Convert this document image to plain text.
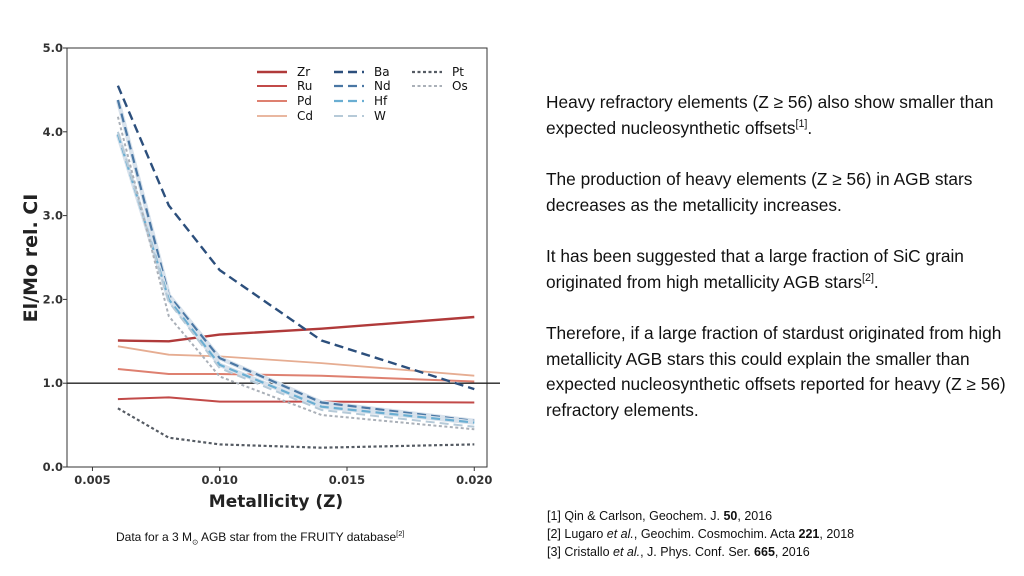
0.005	0.010	0.015	0.020
0.0
1.0
2.0
3.0
4.0
5.0
Zr
Ru
Pd
Cd
Ba
Nd
Hf
W
Pt
Os
Metallicity (Z)
El/Mo rel. CI

Heavy refractory elements (Z ≥ 56) also show smaller than expected nucleosynthetic offsets[1].

The production of heavy elements (Z ≥ 56) in AGB stars decreases as the metallicity increases.

It has been suggested that a large fraction of SiC grain originated from high metallicity AGB stars[2].

Therefore, if a large fraction of stardust originated from high metallicity AGB stars this could explain the smaller than expected nucleosynthetic offsets reported for heavy (Z ≥ 56) refractory elements.

[1] Qin & Carlson, Geochem. J. 50, 2016
[2] Lugaro et al., Geochim. Cosmochim. Acta 221, 2018
[3] Cristallo et al., J. Phys. Conf. Ser. 665, 2016
Data for a 3 $M_⊙$ AGB star from the FRUITY database[2]
